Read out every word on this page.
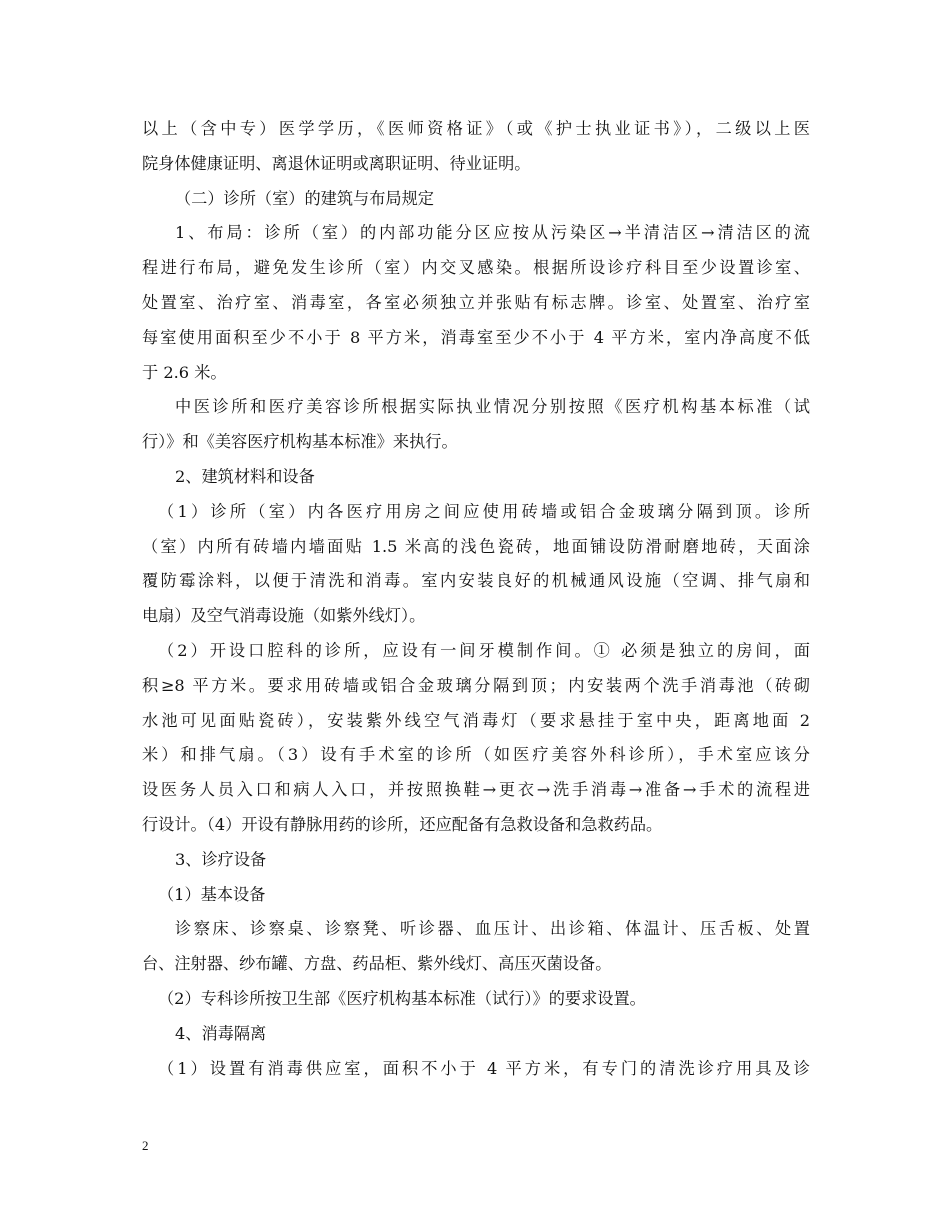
以上（含中专）医学学历，《医师资格证》（或《护士执业证书》），二级以上医
院身体健康证明、离退休证明或离职证明、待业证明。
（二）诊所（室）的建筑与布局规定
1、布局：诊所（室）的内部功能分区应按从污染区→半清洁区→清洁区的流
程进行布局，避免发生诊所（室）内交叉感染。根据所设诊疗科目至少设置诊室、
处置室、治疗室、消毒室，各室必须独立并张贴有标志牌。诊室、处置室、治疗室
每室使用面积至少不小于 8 平方米，消毒室至少不小于 4 平方米，室内净高度不低
于 2.6 米。
中医诊所和医疗美容诊所根据实际执业情况分别按照《医疗机构基本标准（试
行）》和《美容医疗机构基本标准》来执行。
2、建筑材料和设备
（1）诊所（室）内各医疗用房之间应使用砖墙或铝合金玻璃分隔到顶。诊所
（室）内所有砖墙内墙面贴 1.5 米高的浅色瓷砖，地面铺设防滑耐磨地砖，天面涂
覆防霉涂料，以便于清洗和消毒。室内安装良好的机械通风设施（空调、排气扇和
电扇）及空气消毒设施（如紫外线灯）。
（2）开设口腔科的诊所，应设有一间牙模制作间。① 必须是独立的房间，面
积≥8 平方米。要求用砖墙或铝合金玻璃分隔到顶；内安装两个洗手消毒池（砖砌
水池可见面贴瓷砖），安装紫外线空气消毒灯（要求悬挂于室中央，距离地面 2
米）和排气扇。（3）设有手术室的诊所（如医疗美容外科诊所），手术室应该分
设医务人员入口和病人入口，并按照换鞋→更衣→洗手消毒→准备→手术的流程进
行设计。（4）开设有静脉用药的诊所，还应配备有急救设备和急救药品。
3、诊疗设备
（1）基本设备
诊察床、诊察桌、诊察凳、听诊器、血压计、出诊箱、体温计、压舌板、处置
台、注射器、纱布罐、方盘、药品柜、紫外线灯、高压灭菌设备。
（2）专科诊所按卫生部《医疗机构基本标准（试行）》的要求设置。
4、消毒隔离
（1）设置有消毒供应室，面积不小于 4 平方米，有专门的清洗诊疗用具及诊
2
